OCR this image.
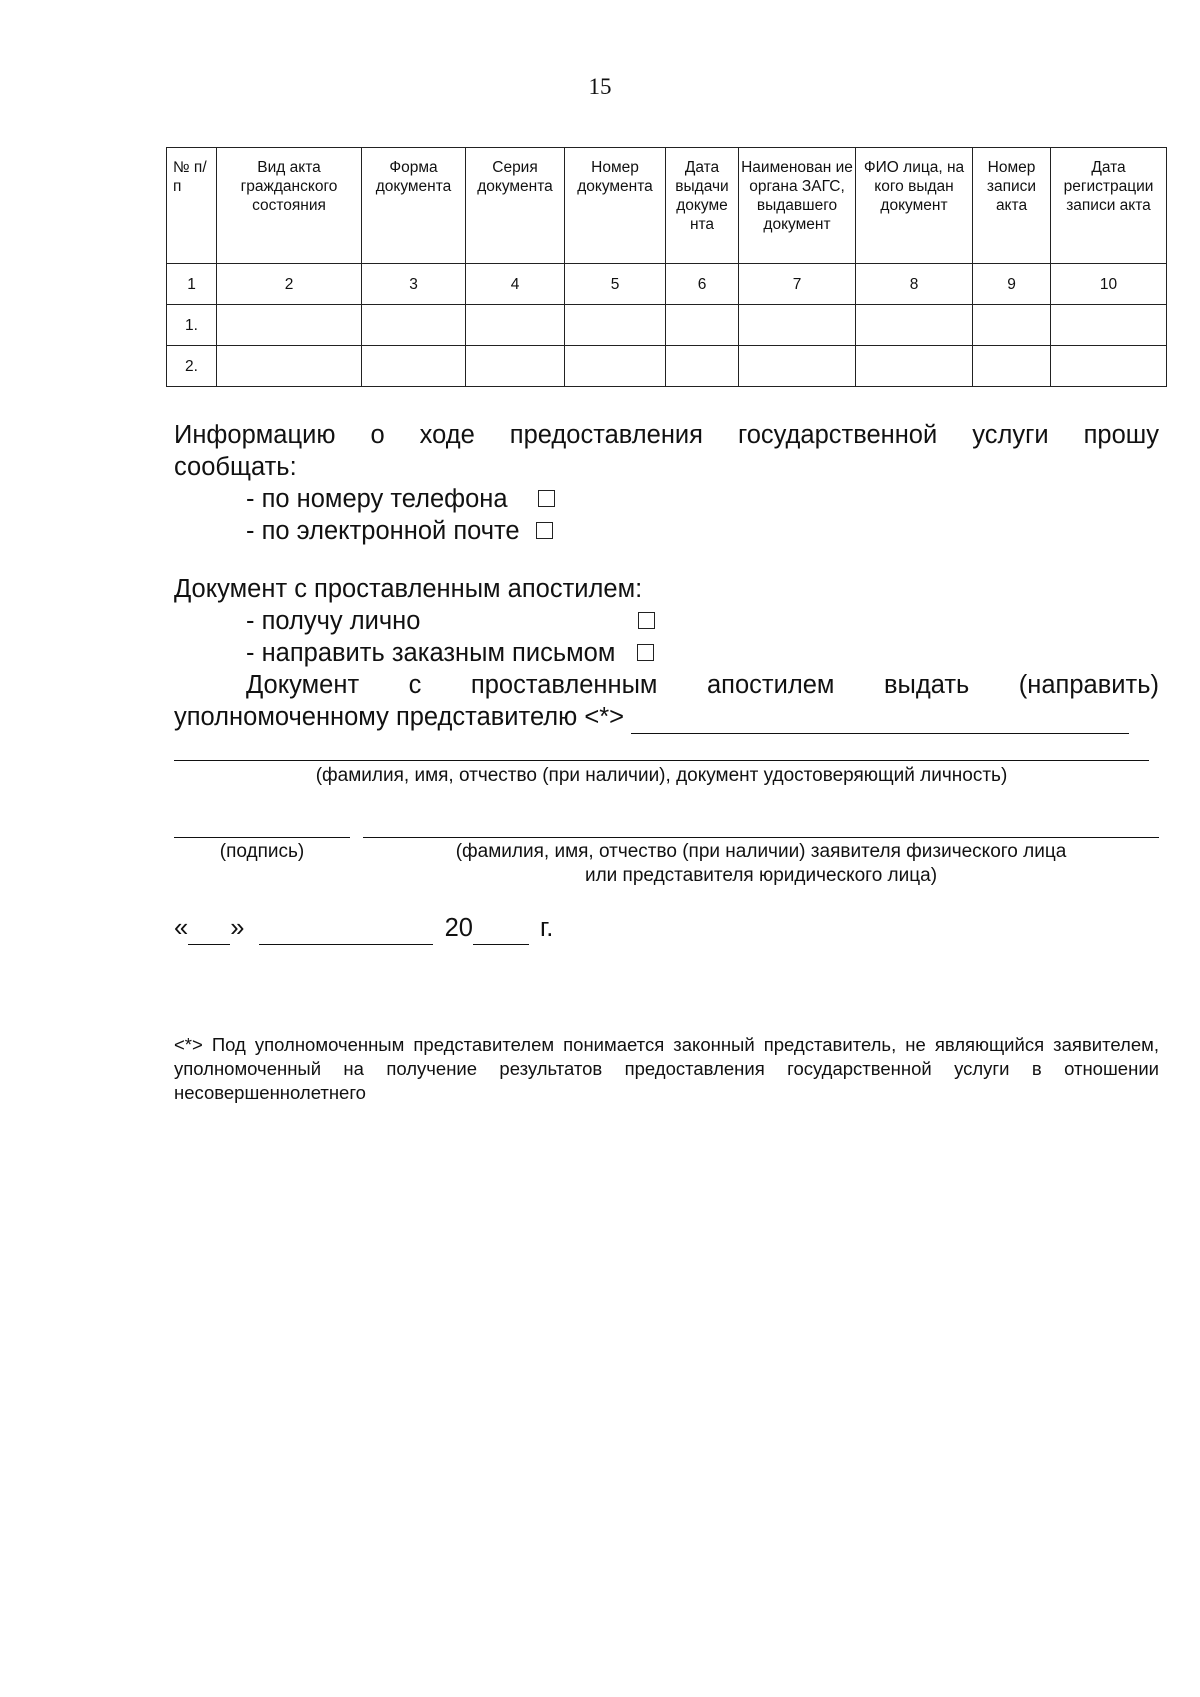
15
№ п/п	Вид акта гражданского состояния	Форма документа	Серия документа	Номер документа	Дата выдачи докуме нта	Наименован ие органа ЗАГС, выдавшего документ	ФИО лица, на кого выдан документ	Номер записи акта	Дата регистрации записи акта
1	2	3	4	5	6	7	8	9	10
1.									
2.									
Информацию о ходе предоставления государственной услуги прошу
сообщать:
- по номеру телефона
- по электронной почте
Документ с проставленным апостилем:
- получу лично
- направить заказным письмом
Документ с проставленным апостилем выдать (направить)
уполномоченному представителю <*>
(фамилия, имя, отчество (при наличии), документ удостоверяющий личность)
(подпись)	(фамилия, имя, отчество (при наличии) заявителя физического лица
или представителя юридического лица)
« »	20	г.
<*> Под уполномоченным представителем понимается законный представитель, не являющийся заявителем, уполномоченный на получение результатов предоставления государственной услуги в отношении несовершеннолетнего
